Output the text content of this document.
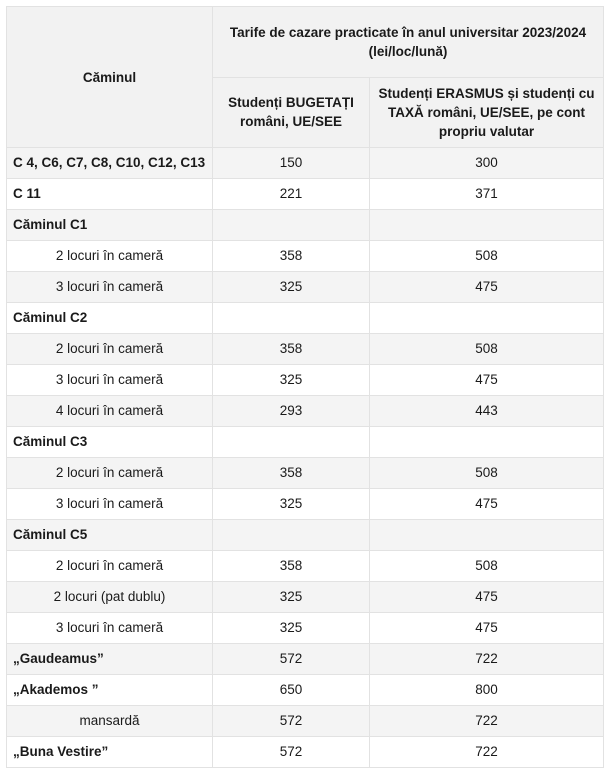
Căminul	Tarife de cazare practicate în anul universitar 2023/2024 (lei/loc/lună)	
	Studenți BUGETAȚI români, UE/SEE	Studenți ERASMUS și studenți cu TAXĂ români, UE/SEE, pe cont propriu valutar
C 4, C6, C7, C8, C10, C12, C13	150	300
C 11	221	371
Căminul C1		
2 locuri în cameră	358	508
3 locuri în cameră	325	475
Căminul C2		
2 locuri în cameră	358	508
3 locuri în cameră	325	475
4 locuri în cameră	293	443
Căminul C3		
2 locuri în cameră	358	508
3 locuri în cameră	325	475
Căminul C5		
2 locuri în cameră	358	508
2 locuri (pat dublu)	325	475
3 locuri în cameră	325	475
„Gaudeamus”	572	722
„Akademos ”	650	800
mansardă	572	722
„Buna Vestire”	572	722
